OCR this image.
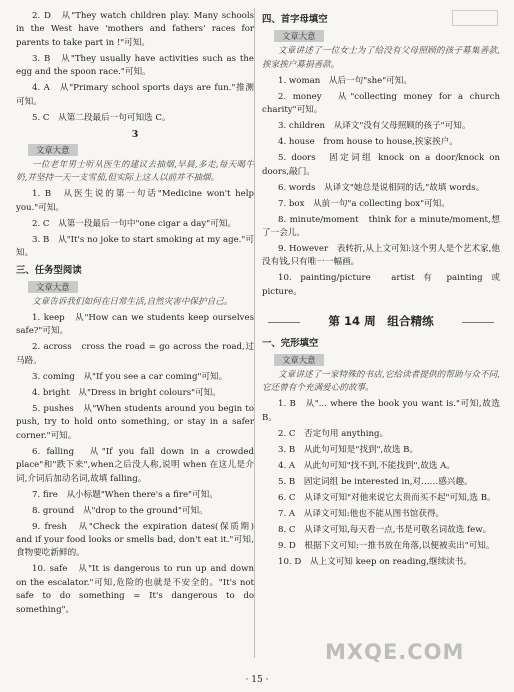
2. D　从"They watch children play. Many schools in the West have 'mothers and fathers' races for parents to take part in !"可知。

3. B　从"They usually have activities such as the egg and the spoon race."可知。

4. A　从"Primary school sports days are fun."推测可知。

5. C　从第二段最后一句可知选 C。

3
文章大意

一位老年男士听从医生的建议去抽烟,早晨,多走,每天喝牛奶,并坚持一天一支雪茄,但实际上这人以前并不抽烟。

1. B　从医生说的第一句话"Medicine won't help you."可知。

2. C　从第一段最后一句中"one cigar a day"可知。

3. B　从"It's no joke to start smoking at my age."可知。

三、任务型阅读
文章大意

文章告诉我们如何在日常生活,自然灾害中保护自己。

1. keep　从"How can we students keep ourselves safe?"可知。

2. across　cross the road = go across the road,过马路。

3. coming　从"If you see a car coming"可知。

4. bright　从"Dress in bright colours"可知。

5. pushes　从"When students around you begin to push, try to hold onto something, or stay in a safer corner."可知。

6. falling　从"If you fall down in a crowded place"和"跌下来",when之后没人称,说明 when 在这儿是介词,介词后加动名词,故填 falling。

7. fire　从小标题"When there's a fire"可知。

8. ground　从"drop to the ground"可知。

9. fresh　从"Check the expiration dates(保质期) and if your food looks or smells bad, don't eat it."可知,食物要吃新鲜的。

10. safe　从"It is dangerous to run up and down on the escalator."可知,危险的也就是不安全的。"It's not safe to do something = It's dangerous to do something"。

四、首字母填空
文章大意

文章讲述了一位女士为了给没有父母照顾的孩子募集善款,挨家挨户募捐善款。

1. woman　从后一句"she"可知。

2. money　从"collecting money for a church charity"可知。

3. children　从译文"没有父母照顾的孩子"可知。

4. house　from house to house,挨家挨户。

5. doors　固定词组 knock on a door/knock on doors,敲门。

6. words　从译文"她总是说相同的话,"故填 words。

7. box　从前一句"a collecting box"可知。

8. minute/moment　think for a minute/moment,想了一会儿。

9. However　表转折,从上文可知:这个男人是个艺术家,他没有钱,只有唯一一幅画。

10. painting/picture　artist 有 painting 或 picture。

第 14 周　组合精练
一、完形填空
文章大意

文章讲述了一家特殊的书店,它给读者提供的帮助与众不同,它还曾有个充满爱心的故事。

1. B　从"... where the book you want is."可知,故选 B。

2. C　否定句用 anything。

3. B　从此句可知是"找到",故选 B。

4. A　从此句可知"找不到,不能找到",故选 A。

5. B　固定词组 be interested in,对……感兴趣。

6. C　从译文可知"对他来说它太贵而买不起"可知,选 B。

7. A　从译文可知:他也不能从图书馆获得。

8. C　从译文可知,每天看一点,书是可敬名词故选 few。

9. D　根据下文可知:一推书放在角落,以便被卖出"可知。

10. D　从上文可知 keep on reading,继续读书。

MXQE.COM
· 15 ·
